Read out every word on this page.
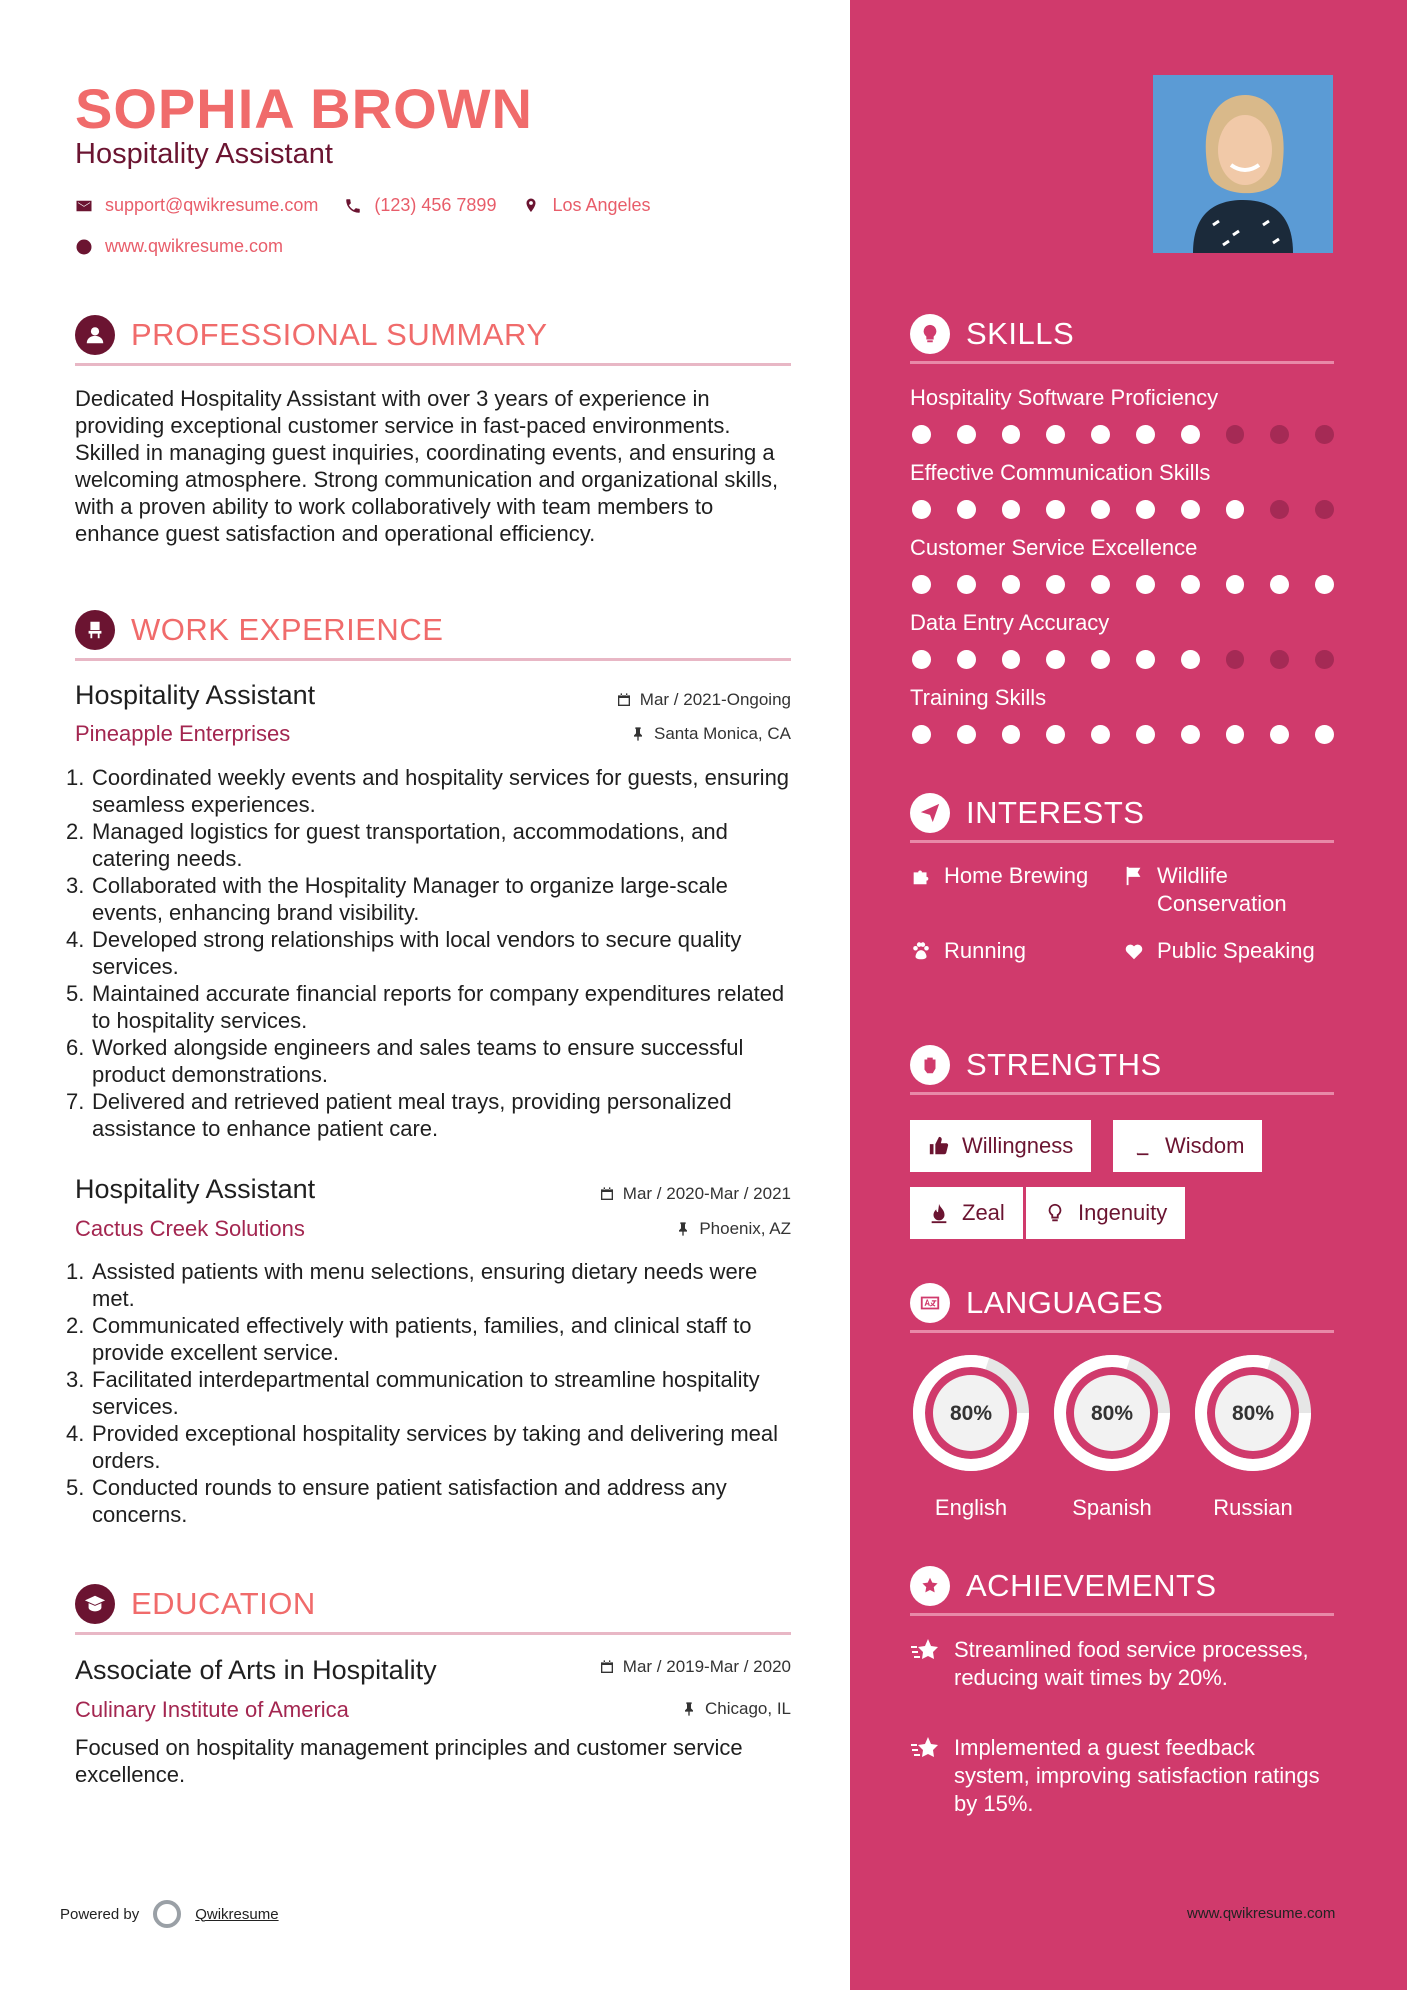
SOPHIA BROWN
Hospitality Assistant
support@qwikresume.com	(123) 456 7899	Los Angeles
www.qwikresume.com
PROFESSIONAL SUMMARY
Dedicated Hospitality Assistant with over 3 years of experience in providing exceptional customer service in fast-paced environments. Skilled in managing guest inquiries, coordinating events, and ensuring a welcoming atmosphere. Strong communication and organizational skills, with a proven ability to work collaboratively with team members to enhance guest satisfaction and operational efficiency.
WORK EXPERIENCE
Hospitality Assistant	Mar / 2021-Ongoing
Pineapple Enterprises	Santa Monica, CA
1. Coordinated weekly events and hospitality services for guests, ensuring seamless experiences.
2. Managed logistics for guest transportation, accommodations, and catering needs.
3. Collaborated with the Hospitality Manager to organize large-scale events, enhancing brand visibility.
4. Developed strong relationships with local vendors to secure quality services.
5. Maintained accurate financial reports for company expenditures related to hospitality services.
6. Worked alongside engineers and sales teams to ensure successful product demonstrations.
7. Delivered and retrieved patient meal trays, providing personalized assistance to enhance patient care.
Hospitality Assistant	Mar / 2020-Mar / 2021
Cactus Creek Solutions	Phoenix, AZ
1. Assisted patients with menu selections, ensuring dietary needs were met.
2. Communicated effectively with patients, families, and clinical staff to provide excellent service.
3. Facilitated interdepartmental communication to streamline hospitality services.
4. Provided exceptional hospitality services by taking and delivering meal orders.
5. Conducted rounds to ensure patient satisfaction and address any concerns.
EDUCATION
Associate of Arts in Hospitality	Mar / 2019-Mar / 2020
Culinary Institute of America	Chicago, IL
Focused on hospitality management principles and customer service excellence.
Powered by	Qwikresume
SKILLS
Hospitality Software Proficiency
Effective Communication Skills
Customer Service Excellence
Data Entry Accuracy
Training Skills
INTERESTS
Home Brewing	Wildlife Conservation
Running	Public Speaking
STRENGTHS
Willingness	Wisdom
Zeal	Ingenuity
LANGUAGES
80%
English
80%
Spanish
80%
Russian
ACHIEVEMENTS
Streamlined food service processes, reducing wait times by 20%.
Implemented a guest feedback system, improving satisfaction ratings by 15%.
www.qwikresume.com
